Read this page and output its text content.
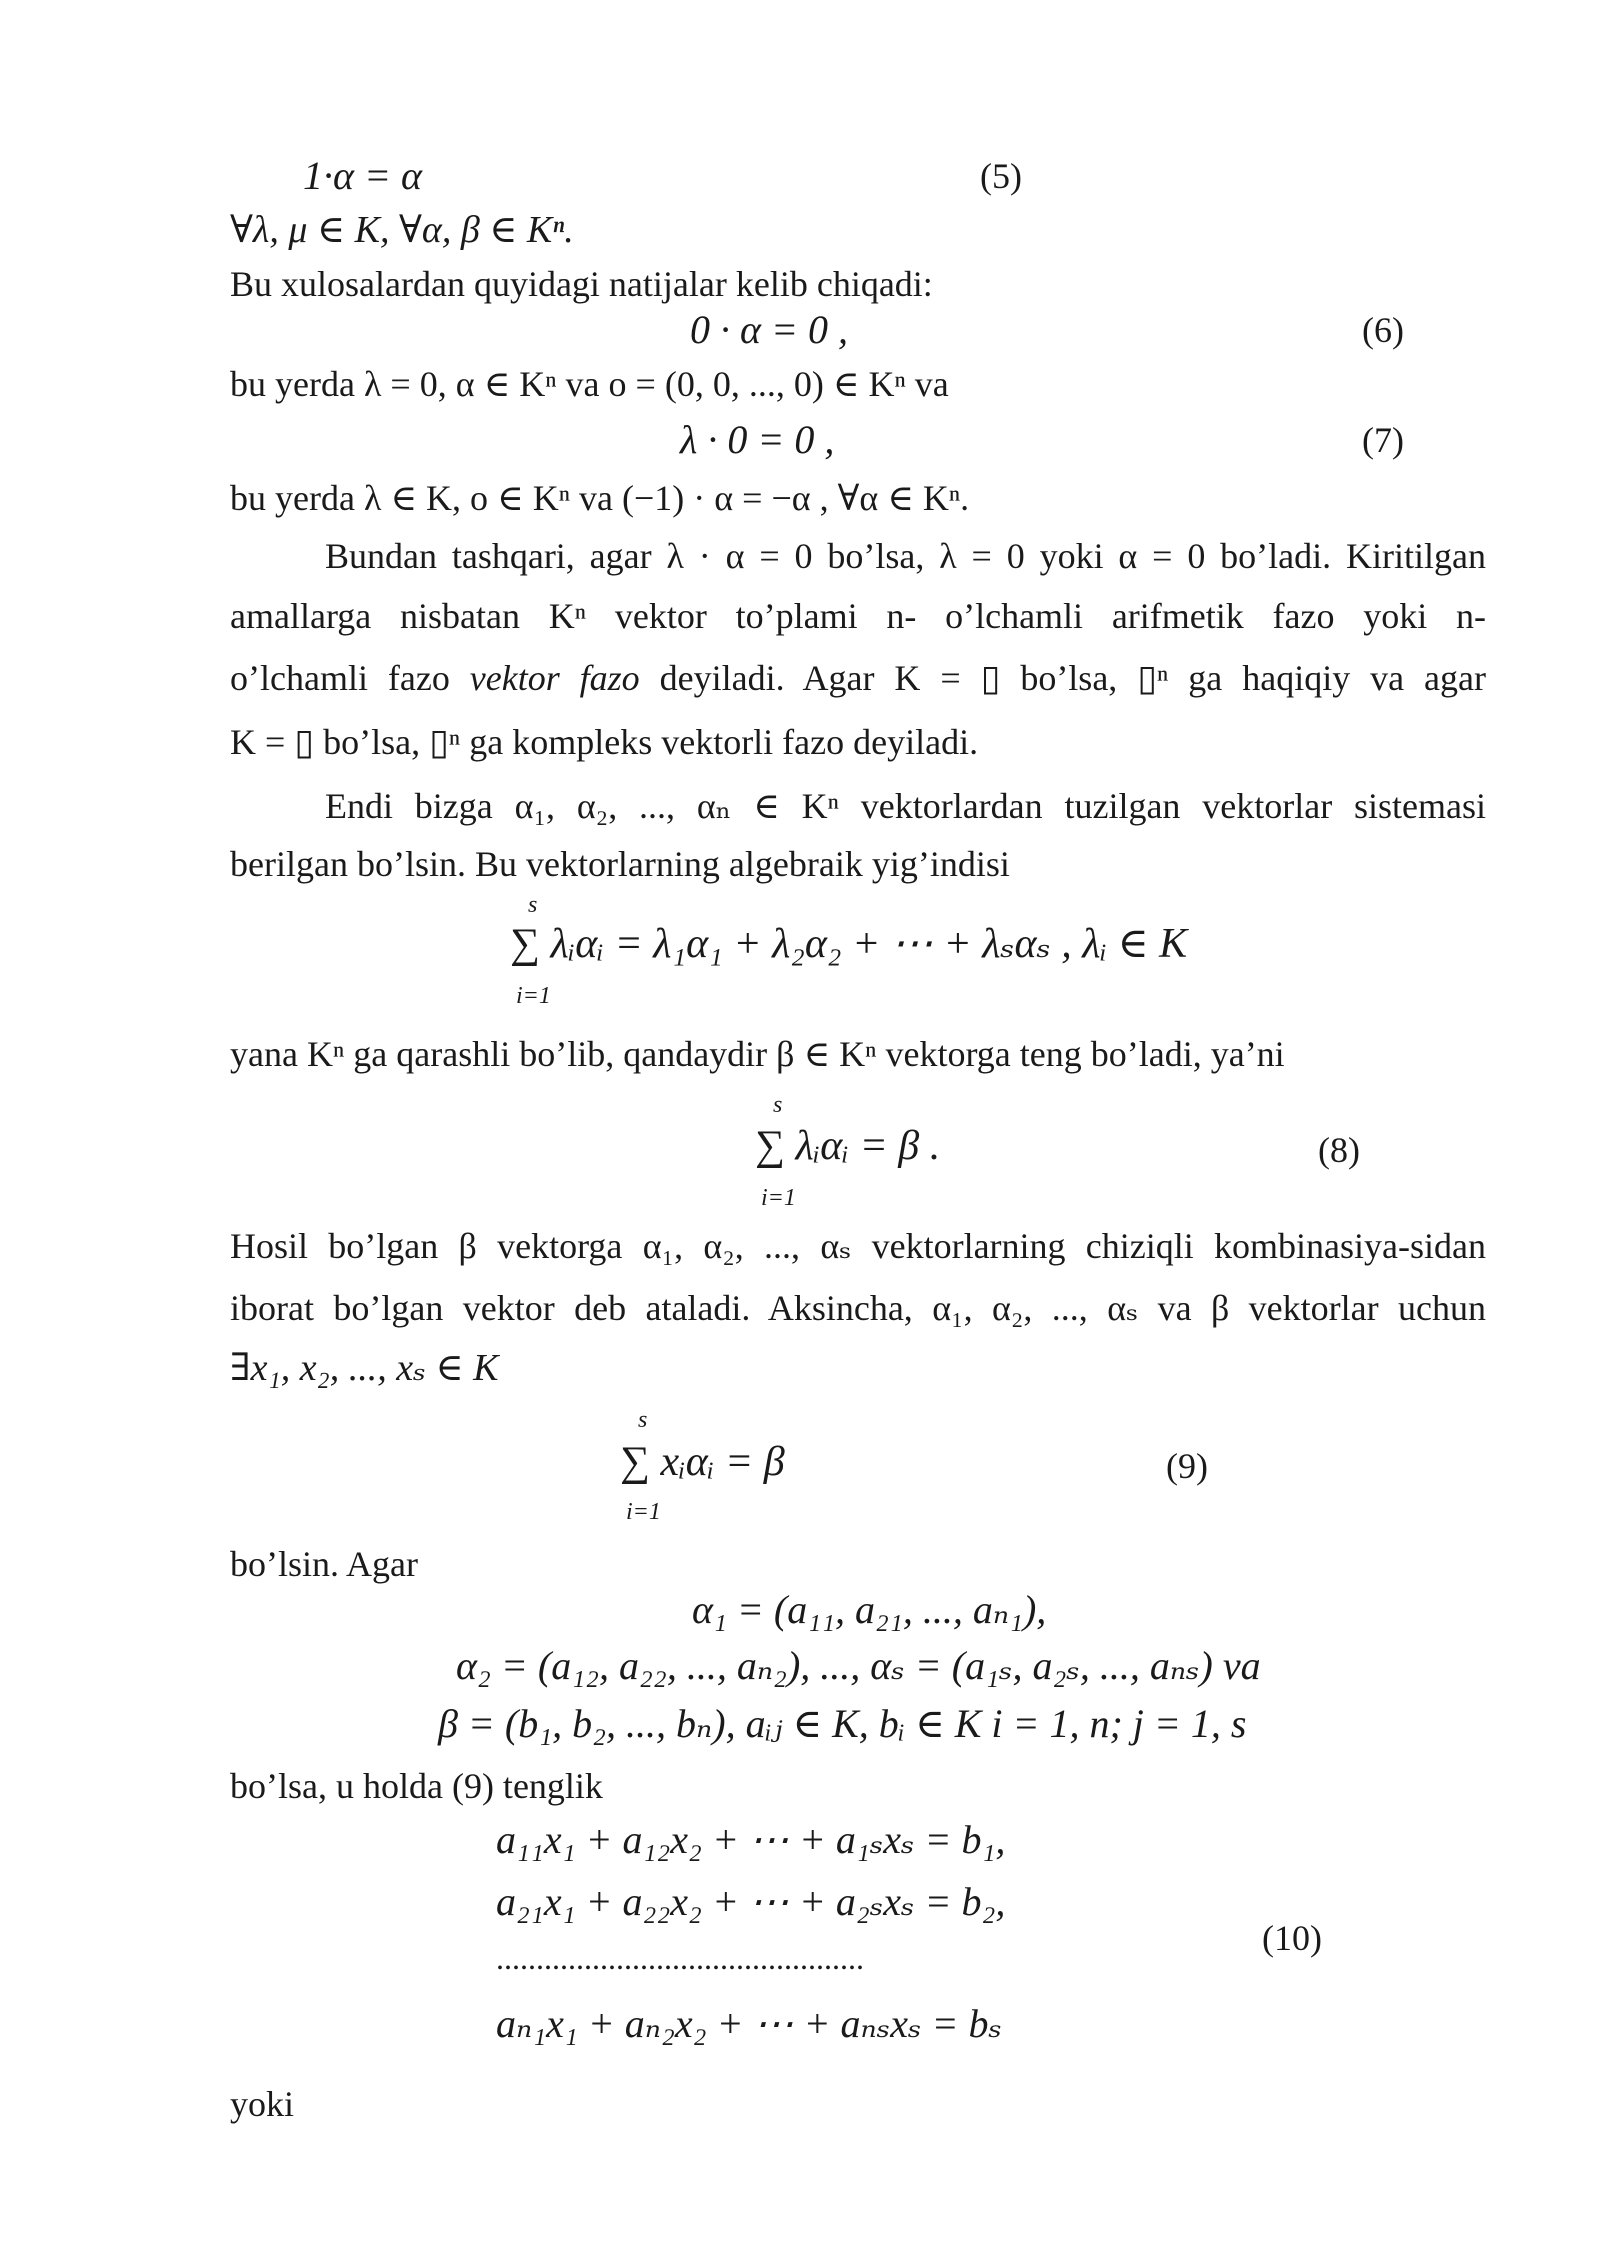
1·α = α	(5)
∀λ, μ ∈ K, ∀α, β ∈ Kⁿ.
Bu xulosalardan quyidagi natijalar kelib chiqadi:
0 · α = 0 ,	(6)
bu yerda λ = 0, α ∈ Kⁿ va o = (0, 0, ..., 0) ∈ Kⁿ va
λ · 0 = 0 ,	(7)
bu yerda λ ∈ K, o ∈ Kⁿ va (−1) · α = −α , ∀α ∈ Kⁿ.
Bundan tashqari, agar λ · α = 0 bo’lsa, λ = 0 yoki α = 0 bo’ladi. Kiritilgan
amallarga nisbatan Kⁿ vektor to’plami n- o’lchamli arifmetik fazo yoki n-
o’lchamli fazo vektor fazo deyiladi. Agar K = ▯ bo’lsa, ▯ⁿ ga haqiqiy va agar
K = ▯ bo’lsa, ▯ⁿ ga kompleks vektorli fazo deyiladi.
Endi bizga α₁, α₂, ..., αₙ ∈ Kⁿ vektorlardan tuzilgan vektorlar sistemasi
berilgan bo’lsin. Bu vektorlarning algebraik yig’indisi
s
∑ λᵢαᵢ = λ₁α₁ + λ₂α₂ + ⋯ + λₛαₛ , λᵢ ∈ K
i=1
yana Kⁿ ga qarashli bo’lib, qandaydir β ∈ Kⁿ vektorga teng bo’ladi, ya’ni
s
∑ λᵢαᵢ = β .
i=1
(8)
Hosil bo’lgan β vektorga α₁, α₂, ..., αₛ vektorlarning chiziqli kombinasiya-sidan
iborat bo’lgan vektor deb ataladi. Aksincha, α₁, α₂, ..., αₛ va β vektorlar uchun
∃x₁, x₂, ..., xₛ ∈ K
s
∑ xᵢαᵢ = β
i=1
(9)
bo’lsin. Agar
α₁ = (a₁₁, a₂₁, ..., aₙ₁),
α₂ = (a₁₂, a₂₂, ..., aₙ₂), ..., αₛ = (a₁ₛ, a₂ₛ, ..., aₙₛ) va
β = (b₁, b₂, ..., bₙ), aᵢⱼ ∈ K, bᵢ ∈ K i = 1, n; j = 1, s
bo’lsa, u holda (9) tenglik
a₁₁x₁ + a₁₂x₂ + ⋯ + a₁ₛxₛ = b₁,
a₂₁x₁ + a₂₂x₂ + ⋯ + a₂ₛxₛ = b₂,
..............................................
aₙ₁x₁ + aₙ₂x₂ + ⋯ + aₙₛxₛ = bₛ
(10)
yoki
